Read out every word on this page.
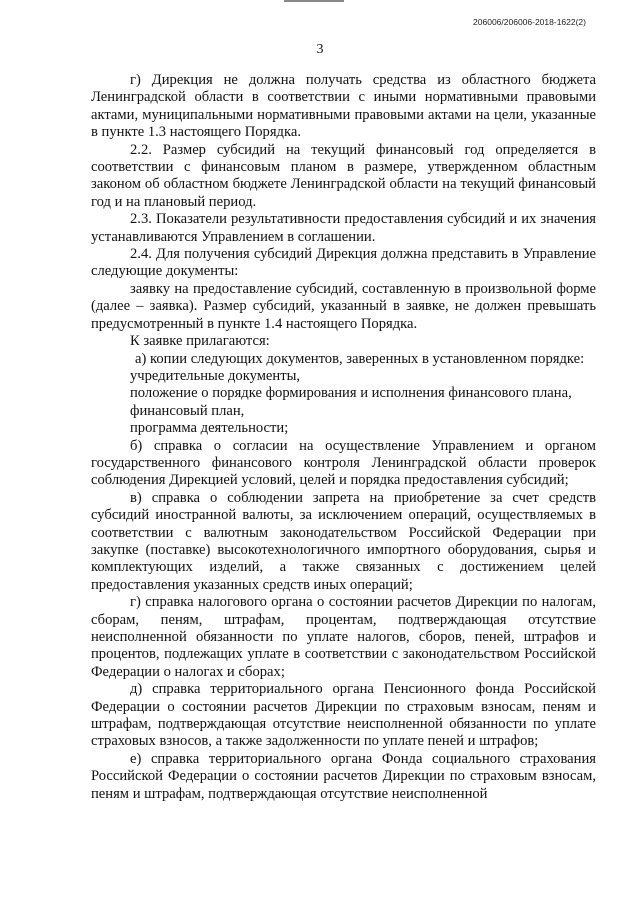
206006/206006-2018-1622(2)
3

г) Дирекция не должна получать средства из областного бюджета Ленинградской области в соответствии с иными нормативными правовыми актами, муниципальными нормативными правовыми актами на цели, указанные в пункте 1.3 настоящего Порядка.

2.2. Размер субсидий на текущий финансовый год определяется в соответствии с финансовым планом в размере, утвержденном областным законом об областном бюджете Ленинградской области на текущий финансовый год и на плановый период.

2.3. Показатели результативности предоставления субсидий и их значения устанавливаются Управлением в соглашении.

2.4. Для получения субсидий Дирекция должна представить в Управление следующие документы:

заявку на предоставление субсидий, составленную в произвольной форме (далее – заявка). Размер субсидий, указанный в заявке, не должен превышать предусмотренный в пункте 1.4 настоящего Порядка.

К заявке прилагаются:

а) копии следующих документов, заверенных в установленном порядке:

учредительные документы,

положение о порядке формирования и исполнения финансового плана,

финансовый план,

программа деятельности;

б) справка о согласии на осуществление Управлением и органом государственного финансового контроля Ленинградской области проверок соблюдения Дирекцией условий, целей и порядка предоставления субсидий;

в) справка о соблюдении запрета на приобретение за счет средств субсидий иностранной валюты, за исключением операций, осуществляемых в соответствии с валютным законодательством Российской Федерации при закупке (поставке) высокотехнологичного импортного оборудования, сырья и комплектующих изделий, а также связанных с достижением целей предоставления указанных средств иных операций;

г) справка налогового органа о состоянии расчетов Дирекции по налогам, сборам, пеням, штрафам, процентам, подтверждающая отсутствие неисполненной обязанности по уплате налогов, сборов, пеней, штрафов и процентов, подлежащих уплате в соответствии с законодательством Российской Федерации о налогах и сборах;

д) справка территориального органа Пенсионного фонда Российской Федерации о состоянии расчетов Дирекции по страховым взносам, пеням и штрафам, подтверждающая отсутствие неисполненной обязанности по уплате страховых взносов, а также задолженности по уплате пеней и штрафов;

е) справка территориального органа Фонда социального страхования Российской Федерации о состоянии расчетов Дирекции по страховым взносам, пеням и штрафам, подтверждающая отсутствие неисполненной
